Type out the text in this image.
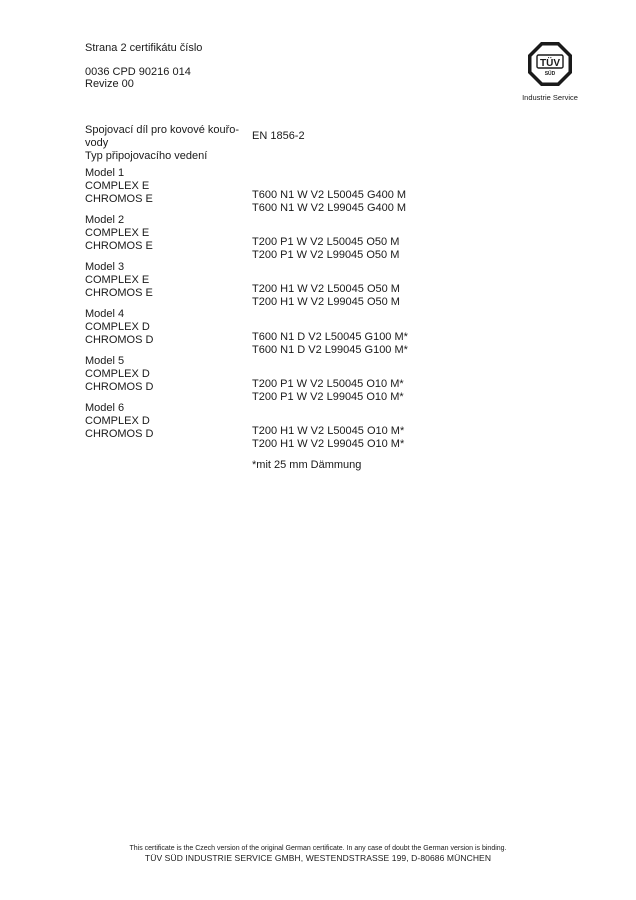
Strana 2 certifikátu číslo
0036 CPD 90216 014
Revize 00
TÜV
SÜD
Industrie Service
Spojovací díl pro kovové kouřo-
vody
Typ připojovacího vedení
EN 1856-2
Model 1
COMPLEX E
CHROMOS E
Model 2
COMPLEX E
CHROMOS E
Model 3
COMPLEX E
CHROMOS E
Model 4
COMPLEX D
CHROMOS D
Model 5
COMPLEX D
CHROMOS D
Model 6
COMPLEX D
CHROMOS D
T600 N1 W V2 L50045 G400 M
T600 N1 W V2 L99045 G400 M
T200 P1 W V2 L50045 O50 M
T200 P1 W V2 L99045 O50 M
T200 H1 W V2 L50045 O50 M
T200 H1 W V2 L99045 O50 M
T600 N1 D V2 L50045 G100 M*
T600 N1 D V2 L99045 G100 M*
T200 P1 W V2 L50045 O10 M*
T200 P1 W V2 L99045 O10 M*
T200 H1 W V2 L50045 O10 M*
T200 H1 W V2 L99045 O10 M*
*mit 25 mm Dämmung
This certificate is the Czech version of the original German certificate. In any case of doubt the German version is binding.
TÜV SÜD INDUSTRIE SERVICE GMBH, WESTENDSTRASSE 199, D-80686 MÜNCHEN
